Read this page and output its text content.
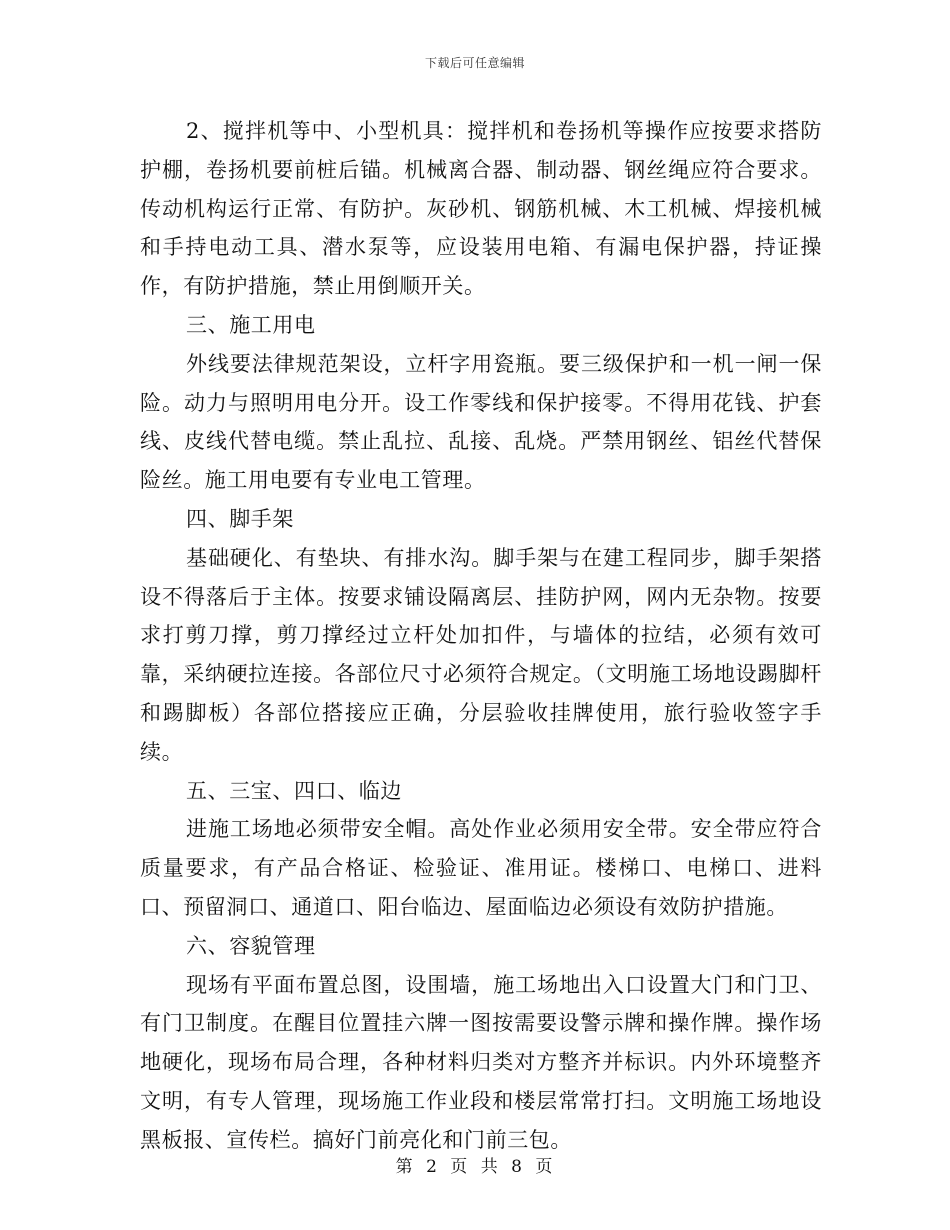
下载后可任意编辑

2、搅拌机等中、小型机具：搅拌机和卷扬机等操作应按要求搭防护棚，卷扬机要前桩后锚。机械离合器、制动器、钢丝绳应符合要求。传动机构运行正常、有防护。灰砂机、钢筋机械、木工机械、焊接机械和手持电动工具、潜水泵等，应设装用电箱、有漏电保护器，持证操作，有防护措施，禁止用倒顺开关。

三、施工用电

外线要法律规范架设，立杆字用瓷瓶。要三级保护和一机一闸一保险。动力与照明用电分开。设工作零线和保护接零。不得用花钱、护套线、皮线代替电缆。禁止乱拉、乱接、乱烧。严禁用钢丝、铝丝代替保险丝。施工用电要有专业电工管理。

四、脚手架

基础硬化、有垫块、有排水沟。脚手架与在建工程同步，脚手架搭设不得落后于主体。按要求铺设隔离层、挂防护网，网内无杂物。按要求打剪刀撑，剪刀撑经过立杆处加扣件，与墙体的拉结，必须有效可靠，采纳硬拉连接。各部位尺寸必须符合规定。（文明施工场地设踢脚杆和踢脚板）各部位搭接应正确，分层验收挂牌使用，旅行验收签字手续。

五、三宝、四口、临边

进施工场地必须带安全帽。高处作业必须用安全带。安全带应符合质量要求，有产品合格证、检验证、准用证。楼梯口、电梯口、进料口、预留洞口、通道口、阳台临边、屋面临边必须设有效防护措施。

六、容貌管理

现场有平面布置总图，设围墙，施工场地出入口设置大门和门卫、有门卫制度。在醒目位置挂六牌一图按需要设警示牌和操作牌。操作场地硬化，现场布局合理，各种材料归类对方整齐并标识。内外环境整齐文明，有专人管理，现场施工作业段和楼层常常打扫。文明施工场地设黑板报、宣传栏。搞好门前亮化和门前三包。

第 2 页 共 8 页
